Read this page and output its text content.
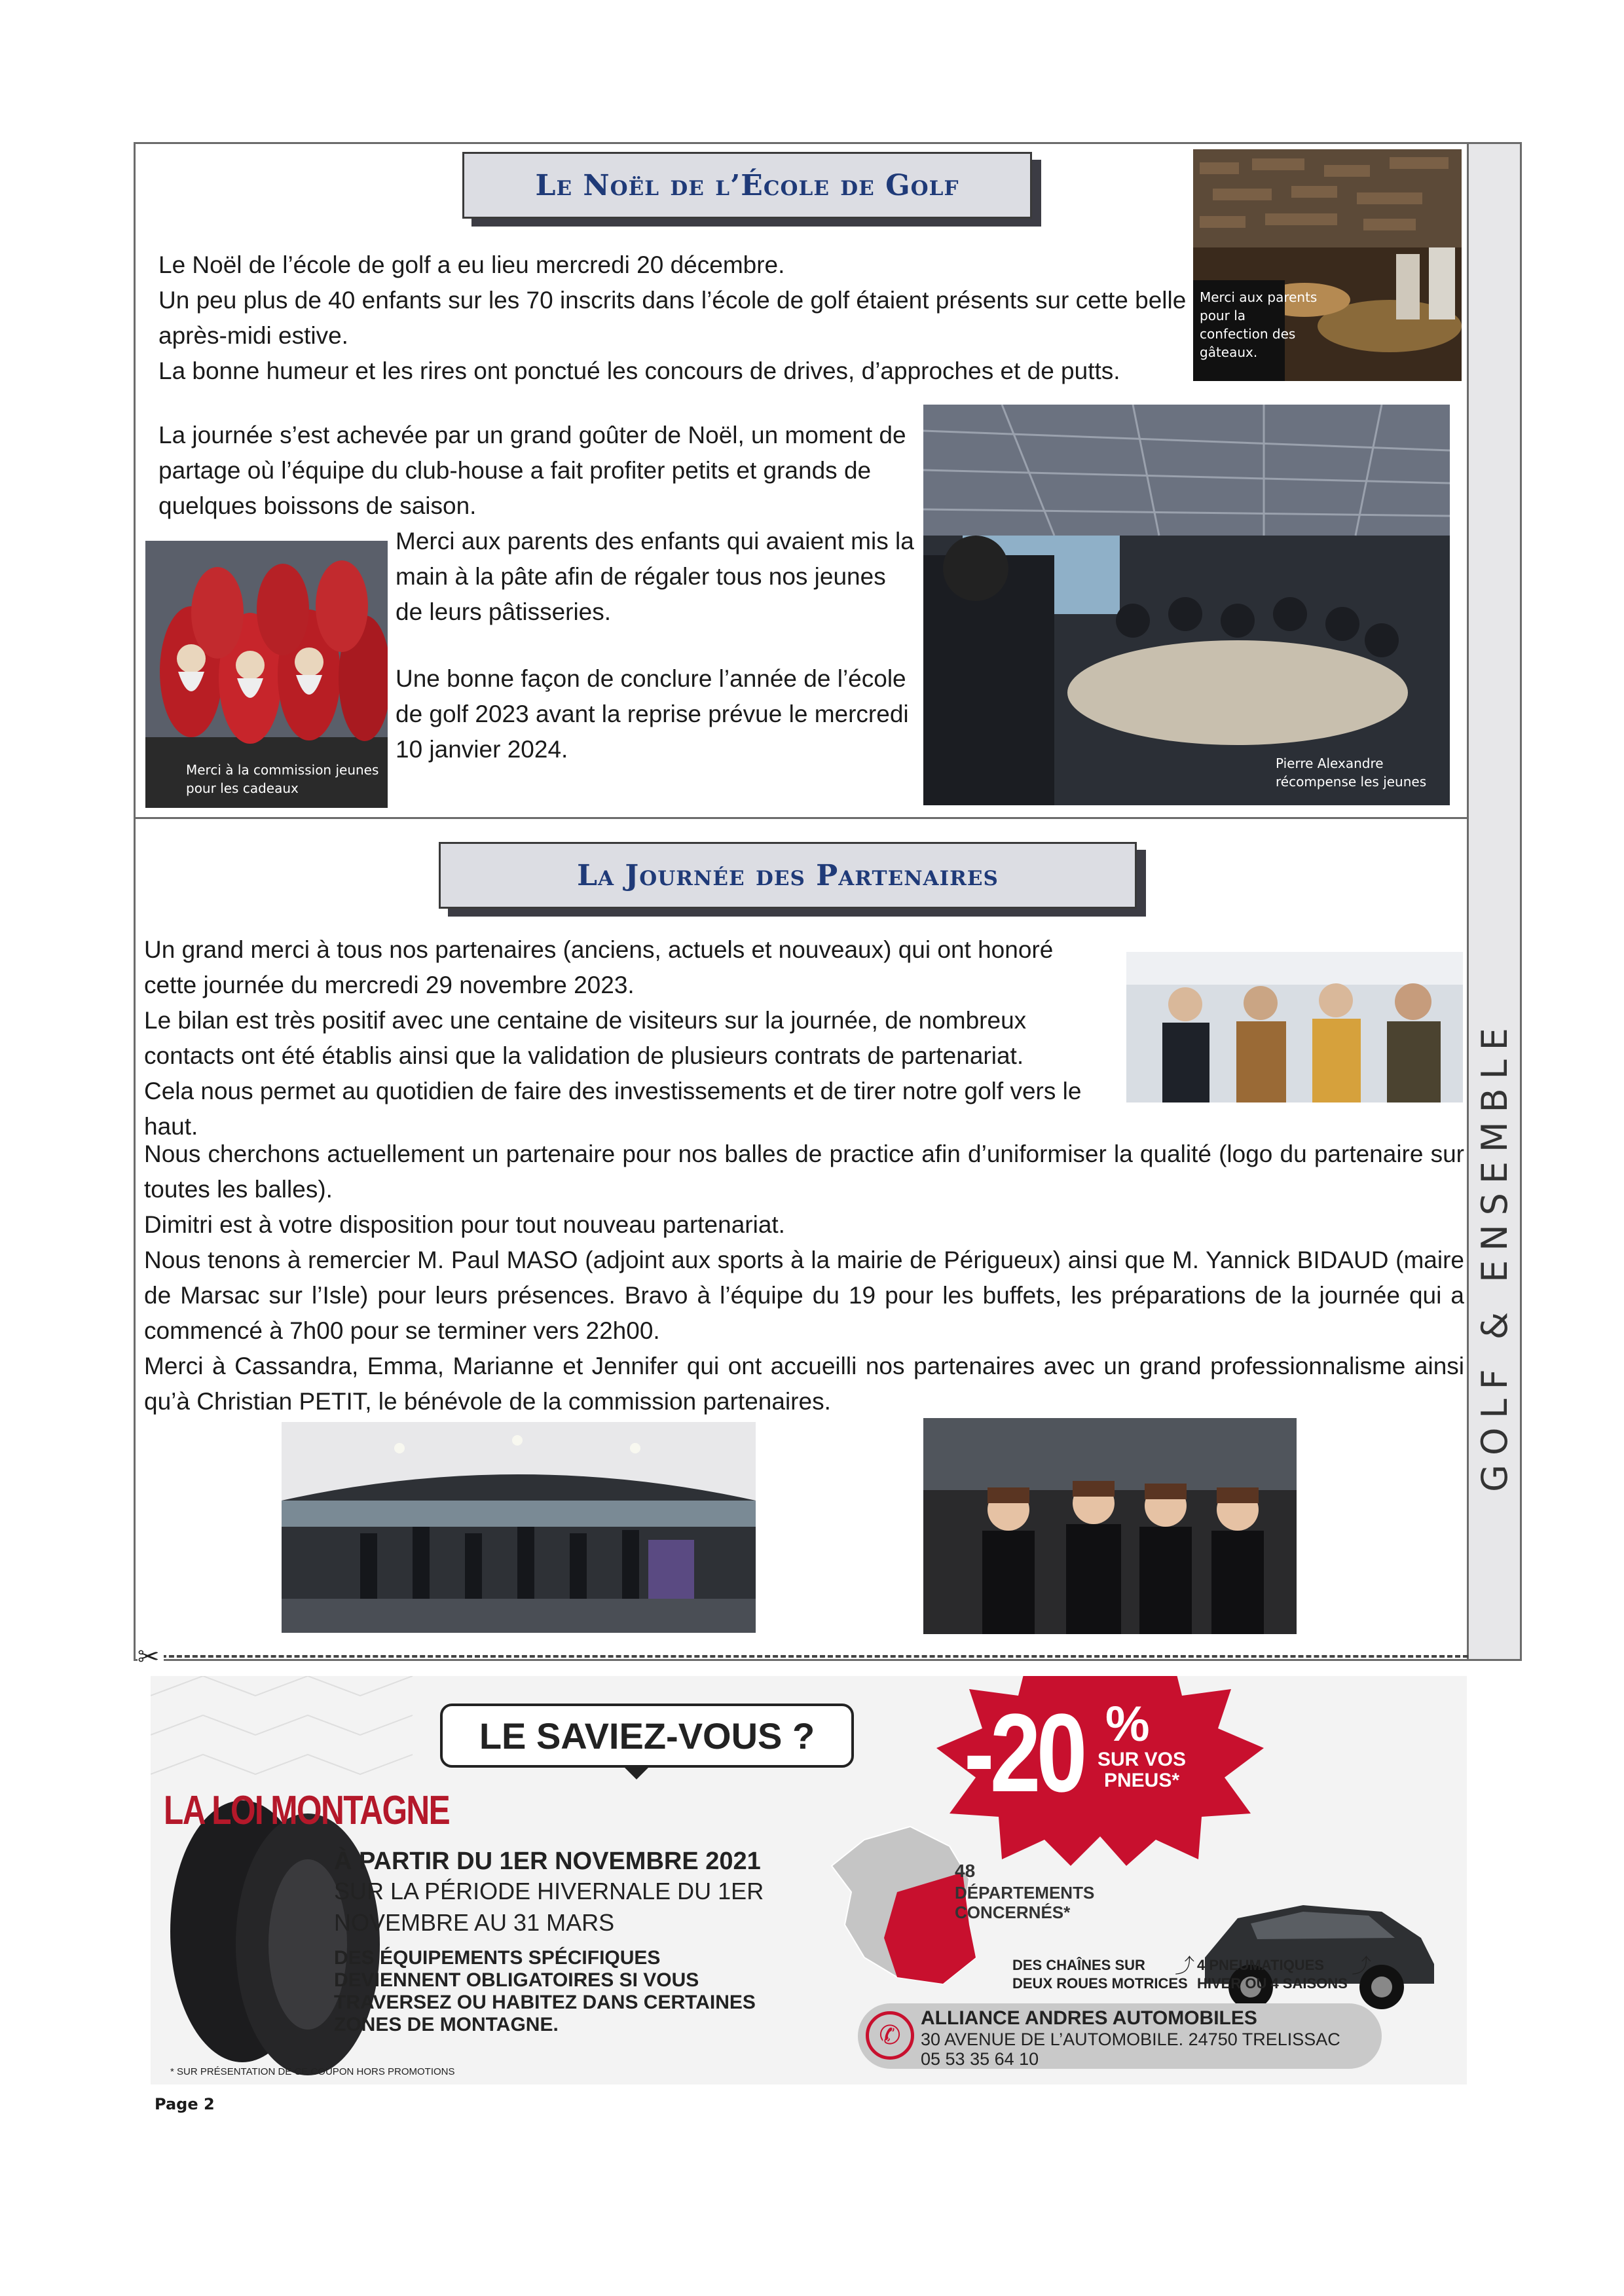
GOLF & ENSEMBLE
Le Noël de l’École de Golf
Merci aux parents pour la confection des gâteaux.
Le Noël de l’école de golf a eu lieu mercredi 20 décembre.
Un peu plus de 40 enfants sur les 70 inscrits dans l’école de golf étaient présents sur cette belle après-midi estive.
La bonne humeur et les rires ont ponctué les concours de drives, d’approches et de putts.
La journée s’est achevée par un grand goûter de Noël, un moment de partage où l’équipe du club-house a fait profiter petits et grands de quelques boissons de saison.
Merci à la commission jeunes pour les cadeaux
Merci aux parents des enfants qui avaient mis la main à la pâte afin de régaler tous nos jeunes de leurs pâtisseries.
Une bonne façon de conclure l’année de l’école de golf 2023 avant la reprise prévue le mercredi 10 janvier 2024.
Pierre Alexandre récompense les jeunes
La Journée des Partenaires
Un grand merci à tous nos partenaires (anciens, actuels et nouveaux) qui ont honoré cette journée du mercredi 29 novembre 2023.
Le bilan est très positif avec une centaine de visiteurs sur la journée, de nombreux contacts ont été établis ainsi que la validation de plusieurs contrats de partenariat.
Cela nous permet au quotidien de faire des investissements et de tirer notre golf vers le haut.
Nous cherchons actuellement un partenaire pour nos balles de practice afin d’uniformiser la qualité (logo du partenaire sur toutes les balles).
Dimitri est à votre disposition pour tout nouveau partenariat.
Nous tenons à remercier M. Paul MASO (adjoint aux sports à la mairie de Périgueux) ainsi que M. Yannick BIDAUD (maire de Marsac sur l’Isle) pour leurs présences. Bravo à l’équipe du 19 pour les buffets, les préparations de la journée qui a commencé à 7h00 pour se terminer vers 22h00.
Merci à Cassandra, Emma, Marianne et Jennifer qui ont accueilli nos partenaires avec un grand professionnalisme ainsi qu’à Christian PETIT, le bénévole de la commission partenaires.
✂
-20 %
SUR VOS
PNEUS*
LE SAVIEZ-VOUS ?
LA LOI MONTAGNE
À PARTIR DU 1ER NOVEMBRE 2021
SUR LA PÉRIODE HIVERNALE DU 1ER
NOVEMBRE AU 31 MARS
DES ÉQUIPEMENTS SPÉCIFIQUES
DEVIENNENT OBLIGATOIRES SI VOUS
TRAVERSEZ OU HABITEZ DANS CERTAINES
ZONES DE MONTAGNE.
* SUR PRÉSENTATION DE CE COUPON HORS PROMOTIONS
48
DÉPARTEMENTS
CONCERNÉS*
DES CHAÎNES SUR
DEUX ROUES MOTRICES
⤴ 4 PNEUMATIQUES
HIVER OU 4 SAISONS
⤴
✆
ALLIANCE ANDRES AUTOMOBILES
30 AVENUE DE L’AUTOMOBILE. 24750 TRELISSAC
05 53 35 64 10
Page 2
